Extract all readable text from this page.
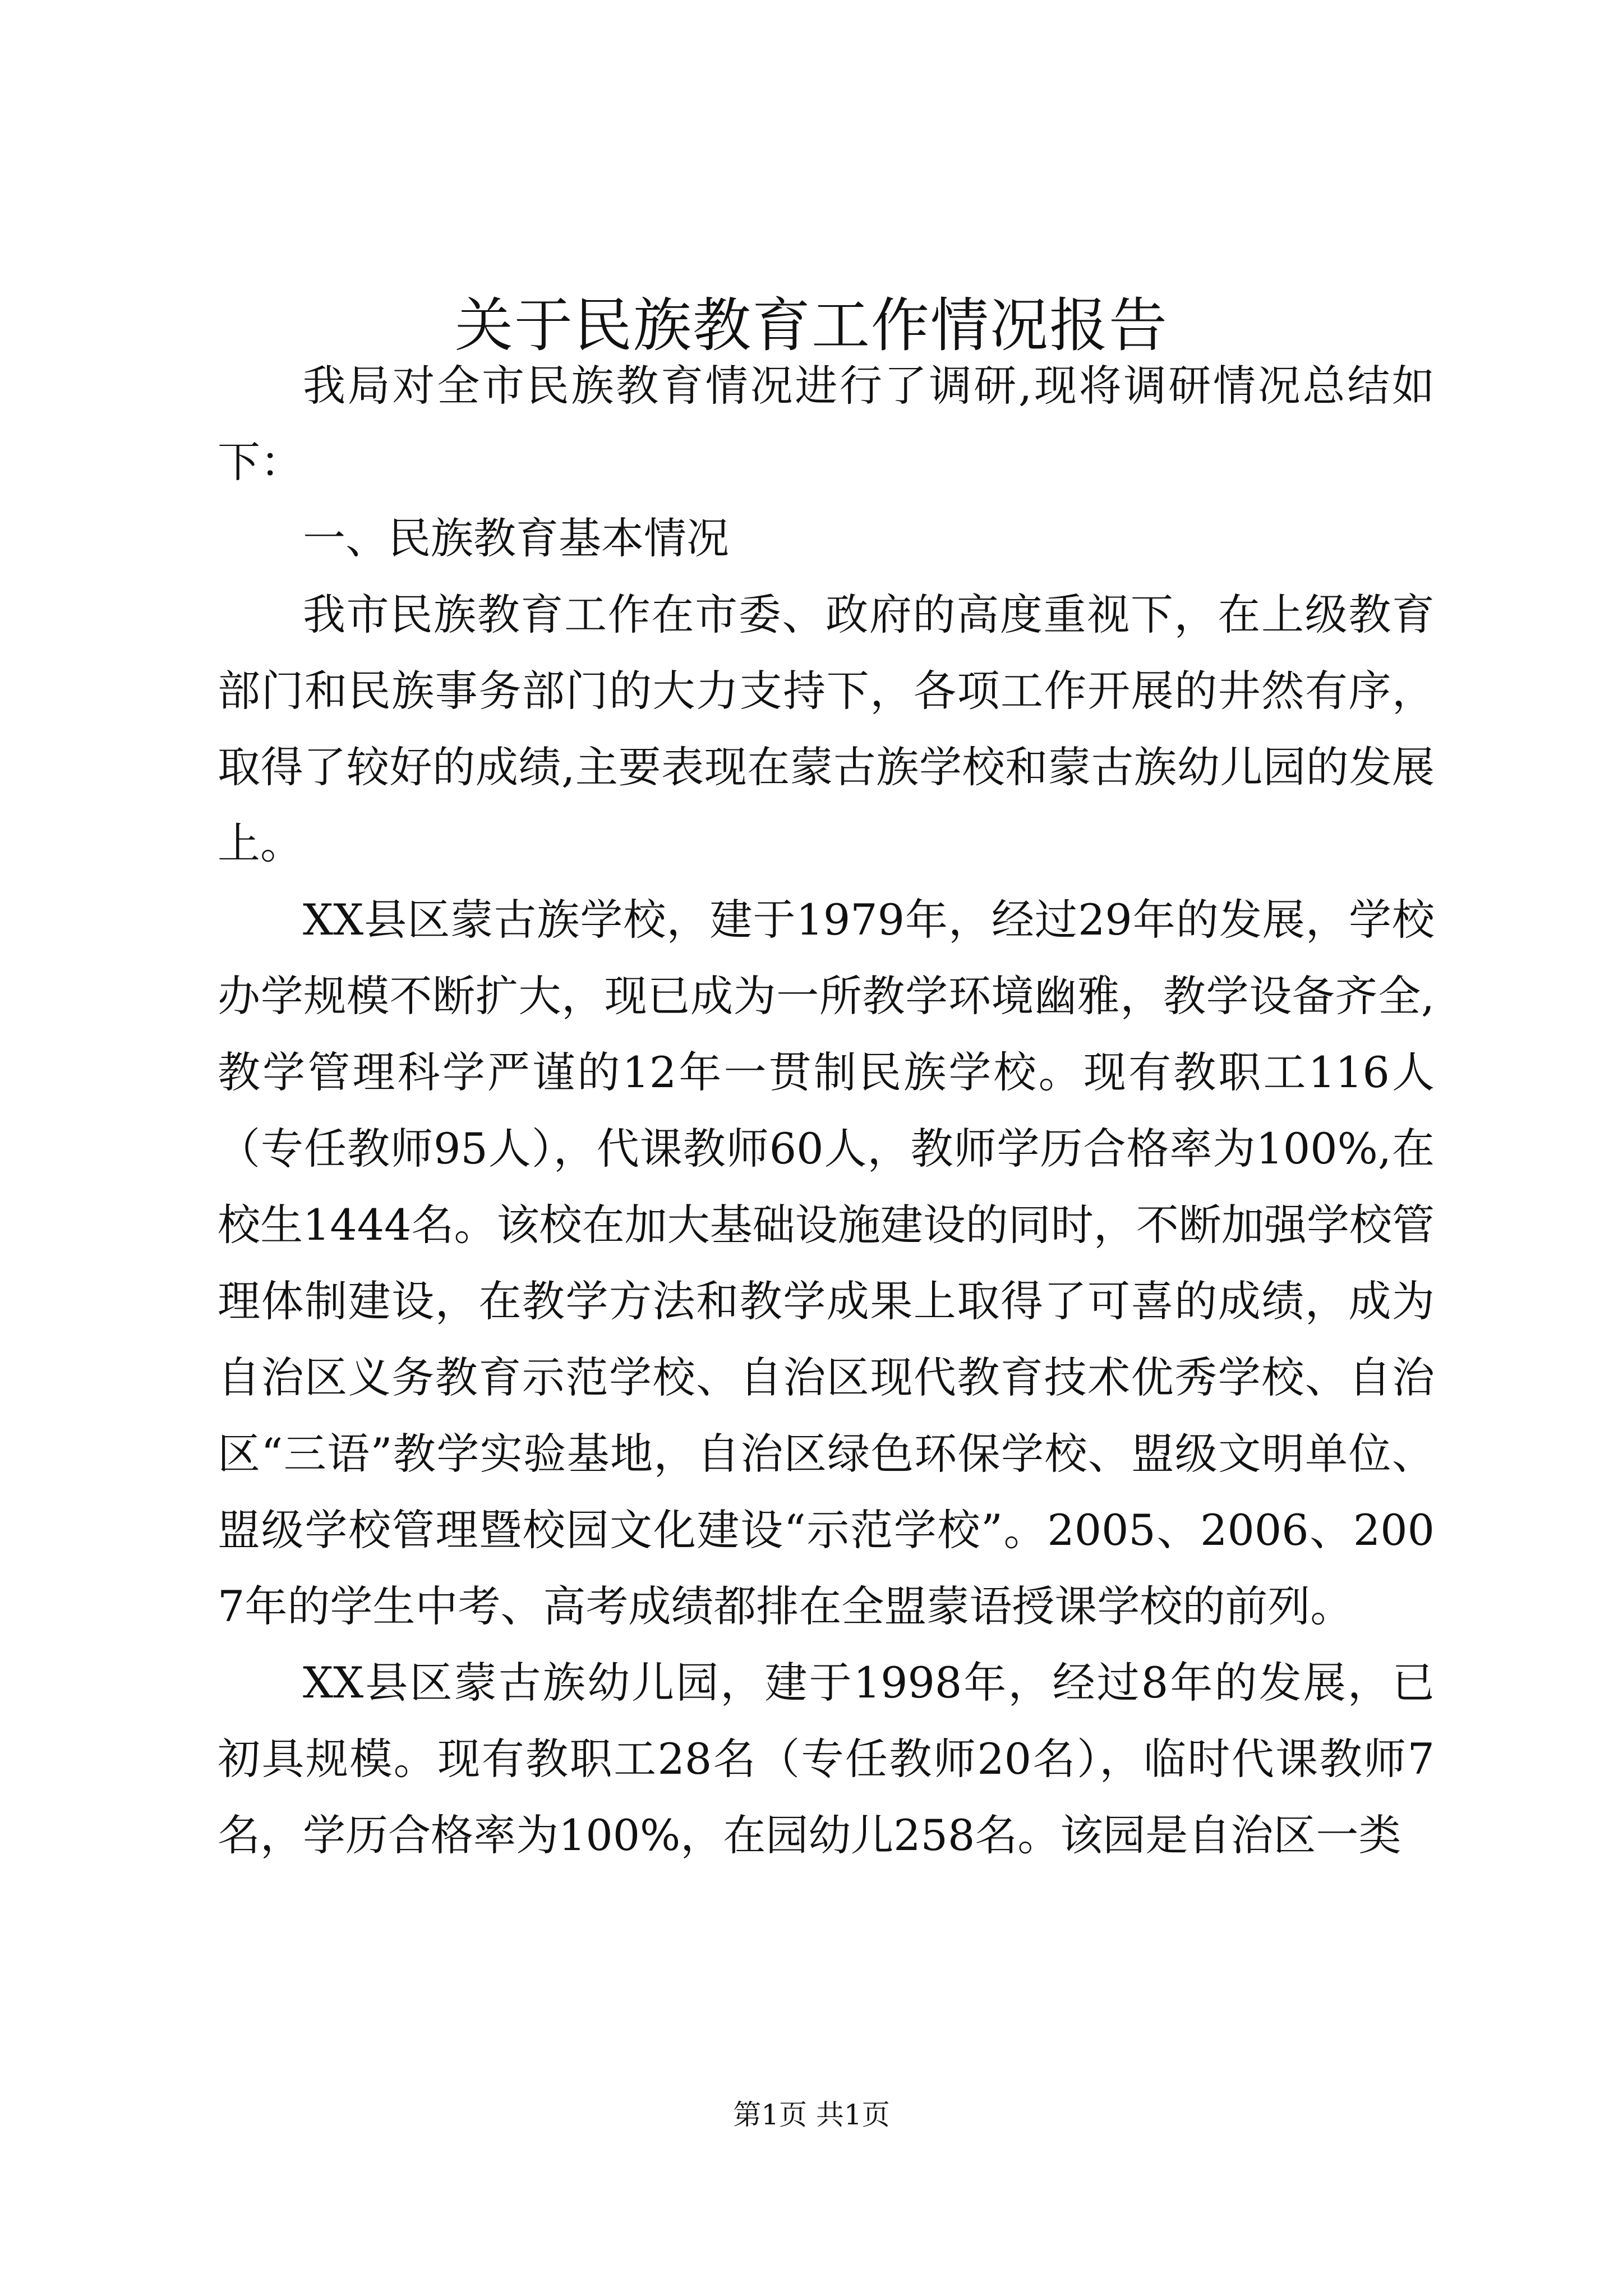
关于民族教育工作情况报告

我局对全市民族教育情况进行了调研,现将调研情况总结如下：

一、民族教育基本情况

我市民族教育工作在市委、政府的高度重视下，在上级教育部门和民族事务部门的大力支持下，各项工作开展的井然有序，取得了较好的成绩,主要表现在蒙古族学校和蒙古族幼儿园的发展上。

XX县区蒙古族学校，建于1979年，经过29年的发展，学校办学规模不断扩大，现已成为一所教学环境幽雅，教学设备齐全,教学管理科学严谨的12年一贯制民族学校。现有教职工116人（专任教师95人），代课教师60人，教师学历合格率为100%,在校生1444名。该校在加大基础设施建设的同时，不断加强学校管理体制建设，在教学方法和教学成果上取得了可喜的成绩，成为自治区义务教育示范学校、自治区现代教育技术优秀学校、自治区“三语”教学实验基地，自治区绿色环保学校、盟级文明单位、盟级学校管理暨校园文化建设“示范学校”。2005、2006、2007年的学生中考、高考成绩都排在全盟蒙语授课学校的前列。

XX县区蒙古族幼儿园，建于1998年，经过8年的发展，已初具规模。现有教职工28名（专任教师20名），临时代课教师7名，学历合格率为100%，在园幼儿258名。该园是自治区一类

第1页 共1页
